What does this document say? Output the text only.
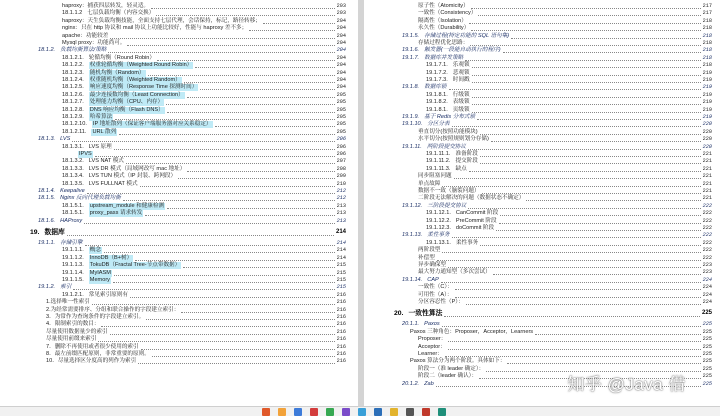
haproxy：捕获四层转发，轻灵适。	203
18.1.1.2 七层负载均衡（内容交换）	203
haproxy：天生负载均衡技能，全面支持七层代理，会话保持，标记，路径转移；	204
nginx：只在 http 协议和 mail 协议上功能比较好，性能与 haproxy 差不多；	204
apache：功能较差	204
Mysql proxy：功能尚可。	204
18.1.2. 负载均衡算法/策略	204
18.1.2.1. 轮循均衡（Round Robin）	204
18.1.2.2. 权重轮循均衡（Weighted Round Robin）	204
18.1.2.3. 随机均衡（Random）	204
18.1.2.4. 权重随机均衡（Weighted Random）	204
18.1.2.5. 响应速度均衡（Response Time 探测时间）	204
18.1.2.6. 最少连接数均衡（Least Connection）	205
18.1.2.7. 处理能力均衡（CPU、内存）	205
18.1.2.8. DNS 响应均衡（Flash DNS）	205
18.1.2.9. 哈希算法	205
18.1.2.10. IP 地址散列（保证客户端服务器对应关系稳定）	205
18.1.2.11. URL 散列	205
18.1.3. LVS	206
18.1.3.1. LVS 原理	206
IPVS	206
18.1.3.2. LVS NAT 模式	207
18.1.3.3. LVS DR 模式（局域网改写 mac 地址）	208
18.1.3.4. LVS TUN 模式（IP 封装、跨网段）	209
18.1.3.5. LVS FULLNAT 模式	210
18.1.4. Keepalive	212
18.1.5. Nginx 反向代理负载均衡	212
18.1.5.1. upstream_module 和健康检测	213
18.1.5.1. proxy_pass 请求转发	213
18.1.6. HAProxy	213
19. 数据库	214
19.1.1. 存储引擎	214
19.1.1.1. 概念	214
19.1.1.2. InnoDB（B+树）	214
19.1.1.3. TokuDB（Fractal Tree-节点带数据）	215
19.1.1.4. MyIASM	215
19.1.1.5. Memory	215
19.1.2. 索引	215
19.1.2.1. 常见索引原则有	216
1.选择唯一性索引	216
2.为经常需要排序、分组和联合操作的字段建立索引：	216
3．为常作为查询条件的字段建立索引。	216
4．限制索引的数目：	216
尽量使用数据量少的索引	216
尽量使用前缀来索引	216
7．删除不再使用或者很少使用的索引	216
8．最左前缀匹配原则，非常重要的原则。	216
10．尽量选择区分度高的列作为索引	216
原子性（Atomicity）	217
一致性（Consistency）	217
隔离性（Isolation）	218
永久性（Durability）	218
19.1.5. 存储过程(特定功能的 SQL 语句集)	218
存储过程优化思路：	218
19.1.6. 触发器(一段能自动执行的程序)	218
19.1.7. 数据库并发策略	218
19.1.7.1. 乐观锁	218
19.1.7.2. 悲观锁	219
19.1.7.3. 时间戳	219
19.1.8. 数据库锁	219
19.1.8.1. 行级锁	219
19.1.8.2. 表级锁	219
19.1.8.1. 页级锁	219
19.1.9. 基于 Redis 分布式锁	219
19.1.10. 分区分表	220
垂直切分(按照功能模块)	220
水平切分(按照规则划分存储)	220
19.1.11. 两阶段提交协议	220
19.1.11.1. 准备阶段	221
19.1.11.2. 提交阶段	221
19.1.11.3. 缺点	221
同步阻塞问题	221
单点故障	221
数据不一致（脑裂问题）	221
二阶段无法解决的问题（数据状态不确定）	221
19.1.12. 三阶段提交协议	222
19.1.12.1. CanCommit 阶段	222
19.1.12.2. PreCommit 阶段	222
19.1.12.3. doCommit 阶段	222
19.1.13. 柔性事务	222
19.1.13.1. 柔性事务	222
两阶段型	222
补偿型	222
异步确保型	223
最大努力通知型（多次尝试）	223
19.1.14. CAP	224
一致性（C）：	224
可用性（A）：	224
分区容忍性（P）：	224
20. 一致性算法	225
20.1.1. Paxos	225
Paxos 三种角色：Proposer，Acceptor，Learners	225
Proposer：	225
Acceptor：	225
Learner：	225
Paxos 算法分为两个阶段。具体如下：	225
阶段一（准 leader 确定）：	225
阶段二（leader 确认）：	225
20.1.2. Zab	225
知乎 @Java 借
